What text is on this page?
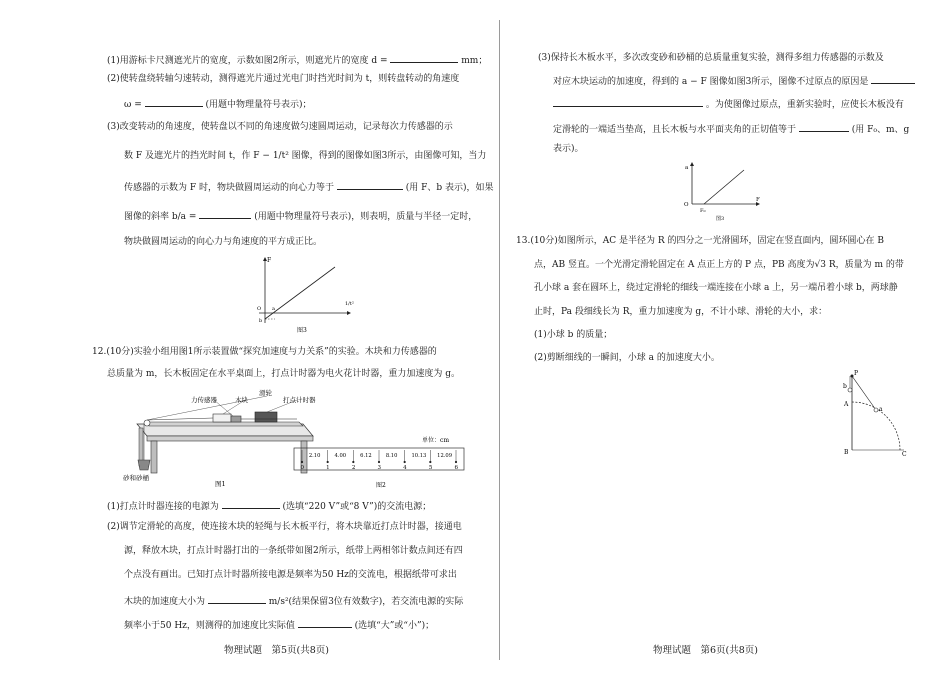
(1)用游标卡尺测遮光片的宽度，示数如图2所示，则遮光片的宽度 d =	mm；
(2)使转盘绕转轴匀速转动，测得遮光片通过光电门时挡光时间为 t，则转盘转动的角速度
ω =	(用题中物理量符号表示)；
(3)改变转动的角速度，使转盘以不同的角速度做匀速圆周运动，记录每次力传感器的示
数 F 及遮光片的挡光时间 t，作 F − 1/t² 图像，得到的图像如图3所示，由图像可知，当力
传感器的示数为 F 时，物块做圆周运动的向心力等于	(用 F、b 表示)，如果
图像的斜率 b/a =	(用题中物理量符号表示)，则表明，质量与半径一定时，
物块做圆周运动的向心力与角速度的平方成正比。
F
1/t²
O a
b
图3
12.(10分)实验小组用图1所示装置做“探究加速度与力关系”的实验。木块和力传感器的
总质量为 m，长木板固定在水平桌面上，打点计时器为电火花计时器，重力加速度为 g。
力传感器	木块
滑轮
打点计时器
砂和砂桶
图1
单位：cm
0	1	2	3	4	5	6
2.10	4.00	6.12	8.10	10.13 12.09
图2
(1)打点计时器连接的电源为	(选填“220 V”或“8 V”)的交流电源；
(2)调节定滑轮的高度，使连接木块的轻绳与长木板平行，将木块靠近打点计时器，接通电
源，释放木块，打点计时器打出的一条纸带如图2所示，纸带上两相邻计数点间还有四
个点没有画出。已知打点计时器所接电源是频率为50 Hz的交流电，根据纸带可求出
木块的加速度大小为	m/s²(结果保留3位有效数字)，若交流电源的实际
频率小于50 Hz，则测得的加速度比实际值	(选填“大”或“小”)；
物理试题　第5页(共8页)
(3)保持长木板水平，多次改变砂和砂桶的总质量重复实验，测得多组力传感器的示数及
对应木块运动的加速度，得到的 a − F 图像如图3所示，图像不过原点的原因是
。为使图像过原点，重新实验时，应使长木板没有
定滑轮的一端适当垫高，且长木板与水平面夹角的正切值等于	(用 F₀、m、g
表示)。
a
F
O
F₀
图3
13.(10分)如图所示，AC 是半径为 R 的四分之一光滑圆环，固定在竖直面内，圆环圆心在 B
点，AB 竖直。一个光滑定滑轮固定在 A 点正上方的 P 点，PB 高度为√3 R，质量为 m 的带
孔小球 a 套在圆环上，绕过定滑轮的细线一端连接在小球 a 上，另一端吊着小球 b，两球静
止时，Pa 段细线长为 R，重力加速度为 g，不计小球、滑轮的大小，求：
(1)小球 b 的质量；
(2)剪断细线的一瞬间，小球 a 的加速度大小。
P
A
B	C
a
b
物理试题　第6页(共8页)
